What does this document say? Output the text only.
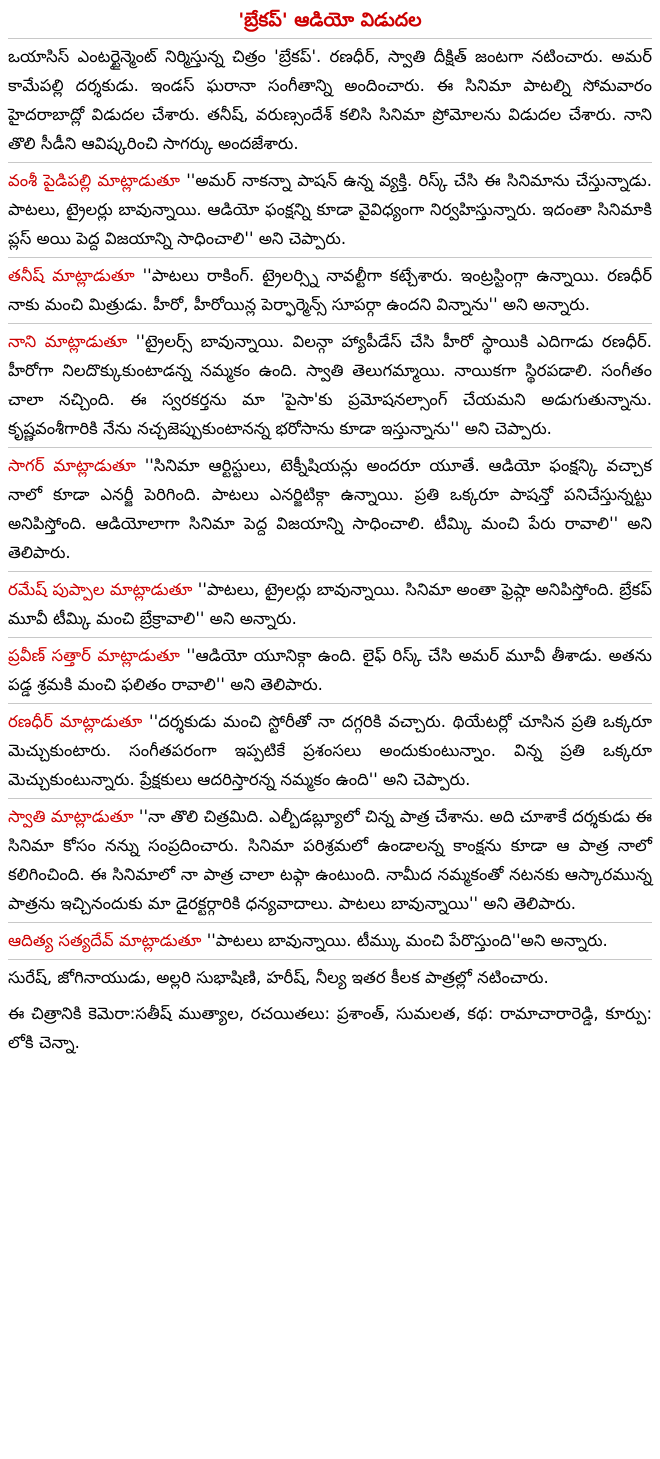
'బ్రేకప్' ఆడియో విడుదల

ఒయాసిస్ ఎంటర్టైన్మెంట్ నిర్మిస్తున్న చిత్రం 'బ్రేకప్'. రణధీర్, స్వాతి దీక్షిత్ జంటగా నటించారు. అమర్ కామేపల్లి దర్శకుడు. ఇండస్ ఘరానా సంగీతాన్ని అందించారు. ఈ సినిమా పాటల్ని సోమవారం హైదరాబాద్లో విడుదల చేశారు. తనీష్, వరుణ్సందేశ్ కలిసి సినిమా ప్రోమోలను విడుదల చేశారు. నాని తొలి సీడీని ఆవిష్కరించి సాగర్కు అందజేశారు.

వంశీ పైడిపల్లి మాట్లాడుతూ ''అమర్ నాకన్నా పాషన్ ఉన్న వ్యక్తి. రిస్క్ చేసి ఈ సినిమాను చేస్తున్నాడు. పాటలు, ట్రైలర్లు బావున్నాయి. ఆడియో ఫంక్షన్ని కూడా వైవిధ్యంగా నిర్వహిస్తున్నారు. ఇదంతా సినిమాకి ప్లస్ అయి పెద్ద విజయాన్ని సాధించాలి'' అని చెప్పారు.

తనీష్ మాట్లాడుతూ ''పాటలు రాకింగ్. ట్రైలర్స్ని నావల్టీగా కట్చేశారు. ఇంట్రస్టింగ్గా ఉన్నాయి. రణధీర్ నాకు మంచి మిత్రుడు. హీరో, హీరోయిన్ల పెర్ఫార్మెన్స్ సూపర్గా ఉందని విన్నాను'' అని అన్నారు.

నాని మాట్లాడుతూ ''ట్రైలర్స్ బావున్నాయి. విలన్గా హ్యాపీడేస్ చేసి హీరో స్థాయికి ఎదిగాడు రణధీర్. హీరోగా నిలదొక్కుకుంటాడన్న నమ్మకం ఉంది. స్వాతి తెలుగమ్మాయి. నాయికగా స్థిరపడాలి. సంగీతం చాలా నచ్చింది. ఈ స్వరకర్తను మా 'పైసా'కు ప్రమోషనల్సాంగ్ చేయమని అడుగుతున్నాను. కృష్ణవంశీగారికి నేను నచ్చజెప్పుకుంటానన్న భరోసాను కూడా ఇస్తున్నాను'' అని చెప్పారు.

సాగర్ మాట్లాడుతూ ''సినిమా ఆర్టిస్టులు, టెక్నీషియన్లు అందరూ యూతే. ఆడియో ఫంక్షన్కి వచ్చాక నాలో కూడా ఎనర్జీ పెరిగింది. పాటలు ఎనర్జిటిక్గా ఉన్నాయి. ప్రతి ఒక్కరూ పాషన్తో పనిచేస్తున్నట్టు అనిపిస్తోంది. ఆడియోలాగా సినిమా పెద్ద విజయాన్ని సాధించాలి. టీమ్కి మంచి పేరు రావాలి'' అని తెలిపారు.

రమేష్ పుప్పాల మాట్లాడుతూ ''పాటలు, ట్రైలర్లు బావున్నాయి. సినిమా అంతా ఫ్రెష్గా అనిపిస్తోంది. బ్రేకప్ మూవీ టీమ్కి మంచి బ్రేక్రావాలి'' అని అన్నారు.

ప్రవీణ్ సత్తార్ మాట్లాడుతూ ''ఆడియో యూనిక్గా ఉంది. లైఫ్ రిస్క్ చేసి అమర్ మూవీ తీశాడు. అతను పడ్డ శ్రమకి మంచి ఫలితం రావాలి'' అని తెలిపారు.

రణధీర్ మాట్లాడుతూ ''దర్శకుడు మంచి స్టోరీతో నా దగ్గరికి వచ్చారు. థియేటర్లో చూసిన ప్రతి ఒక్కరూ మెచ్చుకుంటారు. సంగీతపరంగా ఇప్పటికే ప్రశంసలు అందుకుంటున్నాం. విన్న ప్రతి ఒక్కరూ మెచ్చుకుంటున్నారు. ప్రేక్షకులు ఆదరిస్తారన్న నమ్మకం ఉంది'' అని చెప్పారు.

స్వాతి మాట్లాడుతూ ''నా తొలి చిత్రమిది. ఎల్బీడబ్ల్యూలో చిన్న పాత్ర చేశాను. అది చూశాకే దర్శకుడు ఈ సినిమా కోసం నన్ను సంప్రదించారు. సినిమా పరిశ్రమలో ఉండాలన్న కాంక్షను కూడా ఆ పాత్ర నాలో కలిగించింది. ఈ సినిమాలో నా పాత్ర చాలా టఫ్గా ఉంటుంది. నామీద నమ్మకంతో నటనకు ఆస్కారమున్న పాత్రను ఇచ్చినందుకు మా డైరక్టర్గారికి ధన్యవాదాలు. పాటలు బావున్నాయి'' అని తెలిపారు.

ఆదిత్య సత్యదేవ్ మాట్లాడుతూ ''పాటలు బావున్నాయి. టీమ్కు మంచి పేరొస్తుంది''అని అన్నారు.

సురేష్, జోగినాయుడు, అల్లరి సుభాషిణి, హరీష్, నీల్య ఇతర కీలక పాత్రల్లో నటించారు.

ఈ చిత్రానికి కెమెరా:సతీష్ ముత్యాల, రచయితలు: ప్రశాంత్, సుమలత, కథ: రామాచారారెడ్డి, కూర్పు: లోకి చెన్నా.
